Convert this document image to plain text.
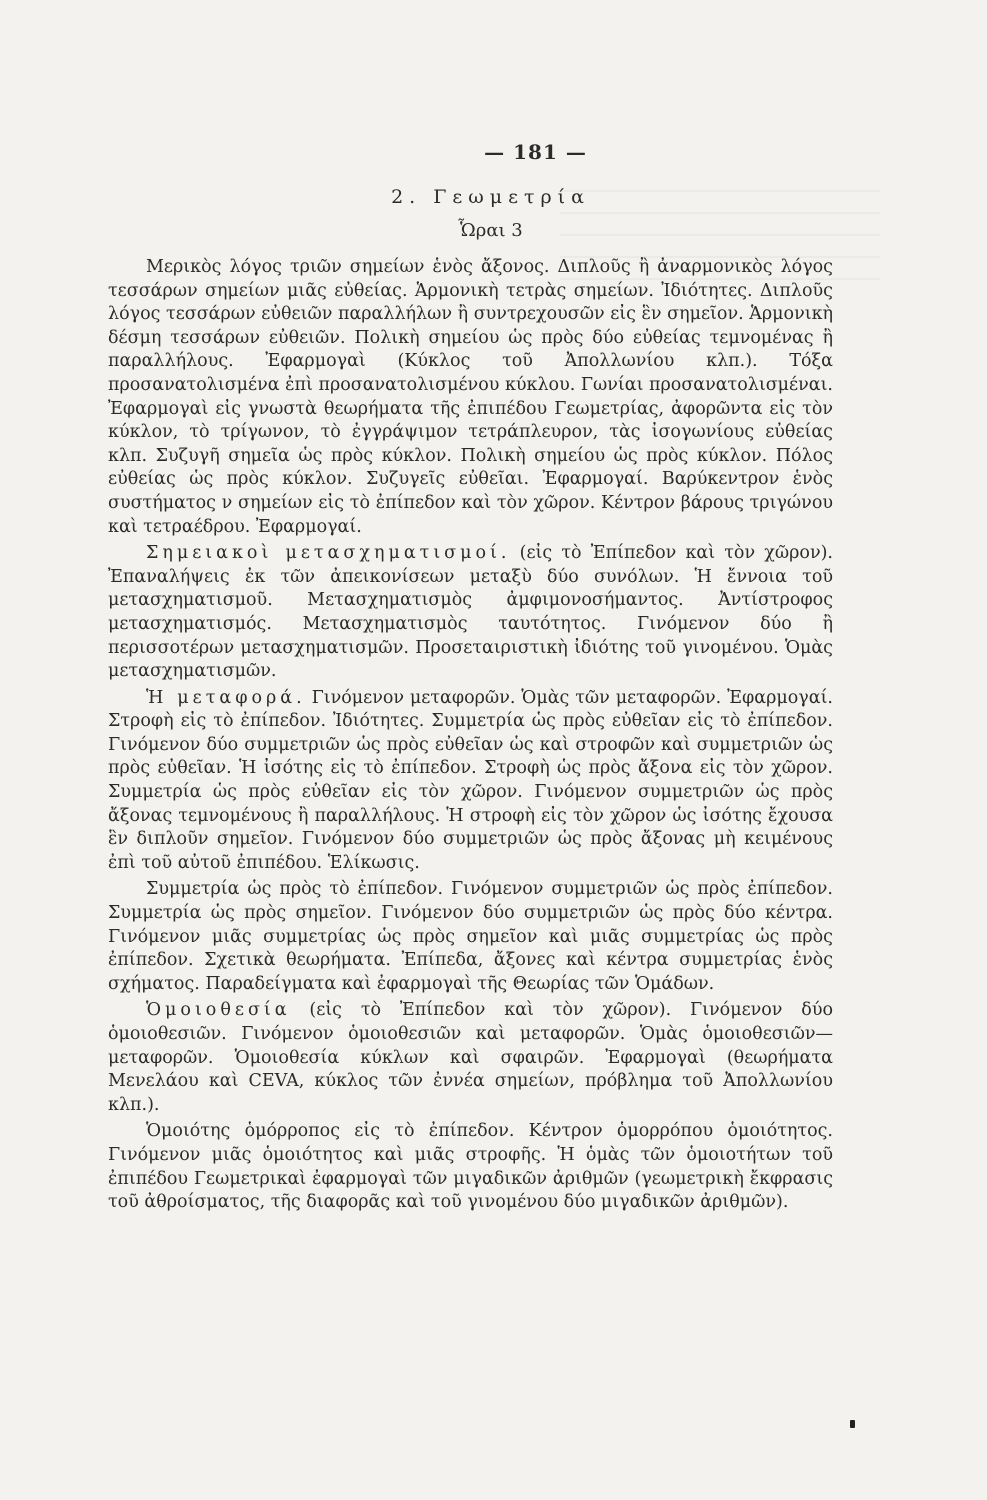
— 181 —
2. Γεωμετρία
Ὧραι 3

Μερικὸς λόγος τριῶν σημείων ἑνὸς ἄξονος. Διπλοῦς ἢ ἀναρμονικὸς λόγος τεσσάρων σημείων μιᾶς εὐθείας. Ἁρμονικὴ τετρὰς σημείων. Ἰδιότητες. Διπλοῦς λόγος τεσσάρων εὐθειῶν παραλλήλων ἢ συντρεχουσῶν εἰς ἓν σημεῖον. Ἁρμονικὴ δέσμη τεσσάρων εὐθειῶν. Πολικὴ σημείου ὡς πρὸς δύο εὐθείας τεμνομένας ἢ παραλλήλους. Ἐφαρμογαὶ (Κύκλος τοῦ Ἀπολλωνίου κλπ.). Τόξα προσανατολισμένα ἐπὶ προσανατολισμένου κύκλου. Γωνίαι προσανατολισμέναι. Ἐφαρμογαὶ εἰς γνωστὰ θεωρήματα τῆς ἐπιπέδου Γεωμετρίας, ἀφορῶντα εἰς τὸν κύκλον, τὸ τρίγωνον, τὸ ἐγγράψιμον τετράπλευρον, τὰς ἰσογωνίους εὐθείας κλπ. Συζυγῆ σημεῖα ὡς πρὸς κύκλον. Πολικὴ σημείου ὡς πρὸς κύκλον. Πόλος εὐθείας ὡς πρὸς κύκλον. Συζυγεῖς εὐθεῖαι. Ἐφαρμογαί. Βαρύκεντρον ἑνὸς συστήματος ν σημείων εἰς τὸ ἐπίπεδον καὶ τὸν χῶρον. Κέντρον βάρους τριγώνου καὶ τετραέδρου. Ἐφαρμογαί.

Σημειακοὶ μετασχηματισμοί. (εἰς τὸ Ἐπίπεδον καὶ τὸν χῶρον). Ἐπαναλήψεις ἐκ τῶν ἀπεικονίσεων μεταξὺ δύο συνόλων. Ἡ ἔννοια τοῦ μετασχηματισμοῦ. Μετασχηματισμὸς ἀμφιμονοσήμαντος. Ἀντίστροφος μετασχηματισμός. Μετασχηματισμὸς ταυτότητος. Γινόμενον δύο ἢ περισσοτέρων μετασχηματισμῶν. Προσεταιριστικὴ ἰδιότης τοῦ γινομένου. Ὁμὰς μετασχηματισμῶν.

Ἡ μεταφορά. Γινόμενον μεταφορῶν. Ὁμὰς τῶν μεταφορῶν. Ἐφαρμογαί. Στροφὴ εἰς τὸ ἐπίπεδον. Ἰδιότητες. Συμμετρία ὡς πρὸς εὐθεῖαν εἰς τὸ ἐπίπεδον. Γινόμενον δύο συμμετριῶν ὡς πρὸς εὐθεῖαν ὡς καὶ στροφῶν καὶ συμμετριῶν ὡς πρὸς εὐθεῖαν. Ἡ ἰσότης εἰς τὸ ἐπίπεδον. Στροφὴ ὡς πρὸς ἄξονα εἰς τὸν χῶρον. Συμμετρία ὡς πρὸς εὐθεῖαν εἰς τὸν χῶρον. Γινόμενον συμμετριῶν ὡς πρὸς ἄξονας τεμνομένους ἢ παραλλήλους. Ἡ στροφὴ εἰς τὸν χῶρον ὡς ἰσότης ἔχουσα ἓν διπλοῦν σημεῖον. Γινόμενον δύο συμμετριῶν ὡς πρὸς ἄξονας μὴ κειμένους ἐπὶ τοῦ αὐτοῦ ἐπιπέδου. Ἑλίκωσις.

Συμμετρία ὡς πρὸς τὸ ἐπίπεδον. Γινόμενον συμμετριῶν ὡς πρὸς ἐπίπεδον. Συμμετρία ὡς πρὸς σημεῖον. Γινόμενον δύο συμμετριῶν ὡς πρὸς δύο κέντρα. Γινόμενον μιᾶς συμμετρίας ὡς πρὸς σημεῖον καὶ μιᾶς συμμετρίας ὡς πρὸς ἐπίπεδον. Σχετικὰ θεωρήματα. Ἐπίπεδα, ἄξονες καὶ κέντρα συμμετρίας ἑνὸς σχήματος. Παραδείγματα καὶ ἐφαρμογαὶ τῆς Θεωρίας τῶν Ὁμάδων.

Ὁμοιοθεσία (εἰς τὸ Ἐπίπεδον καὶ τὸν χῶρον). Γινόμενον δύο ὁμοιοθεσιῶν. Γινόμενον ὁμοιοθεσιῶν καὶ μεταφορῶν. Ὁμὰς ὁμοιοθεσιῶν—μεταφορῶν. Ὁμοιοθεσία κύκλων καὶ σφαιρῶν. Ἐφαρμογαὶ (θεωρήματα Μενελάου καὶ CEVA, κύκλος τῶν ἐννέα σημείων, πρόβλημα τοῦ Ἀπολλωνίου κλπ.).

Ὁμοιότης ὁμόρροπος εἰς τὸ ἐπίπεδον. Κέντρον ὁμορρόπου ὁμοιότητος. Γινόμενον μιᾶς ὁμοιότητος καὶ μιᾶς στροφῆς. Ἡ ὁμὰς τῶν ὁμοιοτήτων τοῦ ἐπιπέδου Γεωμετρικαὶ ἐφαρμογαὶ τῶν μιγαδικῶν ἀριθμῶν (γεωμετρικὴ ἔκφρασις τοῦ ἀθροίσματος, τῆς διαφορᾶς καὶ τοῦ γινομένου δύο μιγαδικῶν ἀριθμῶν).
